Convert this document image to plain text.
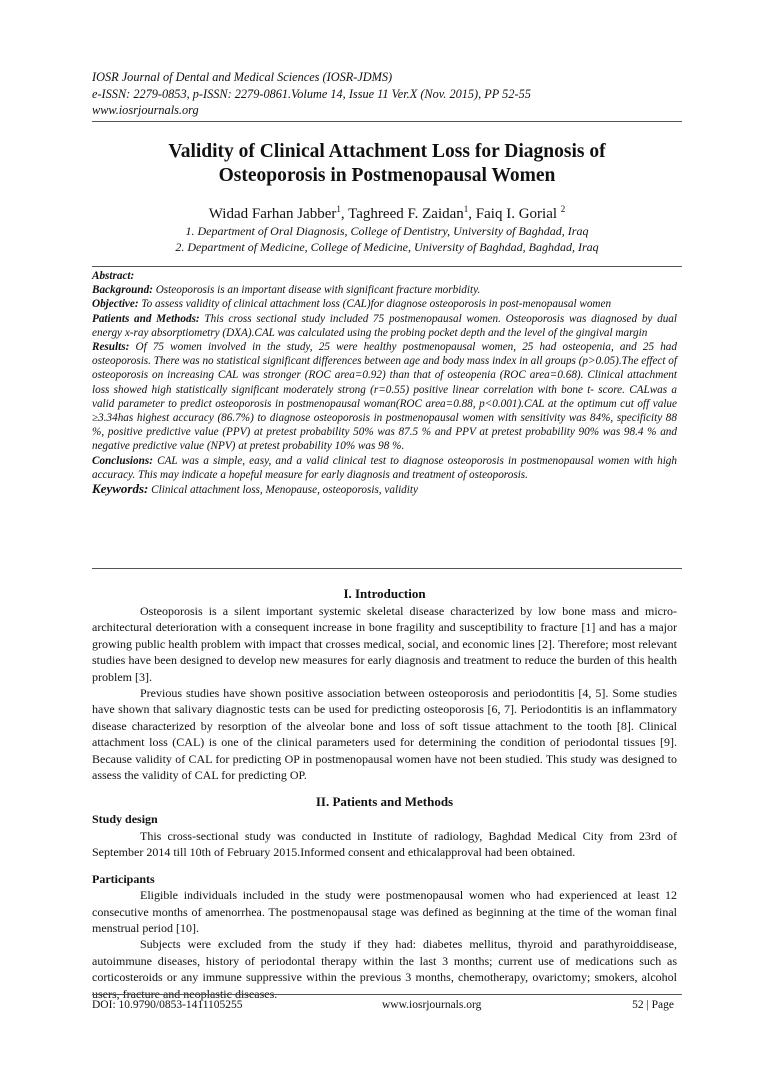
IOSR Journal of Dental and Medical Sciences (IOSR-JDMS)
e-ISSN: 2279-0853, p-ISSN: 2279-0861.Volume 14, Issue 11 Ver.X (Nov. 2015), PP 52-55
www.iosrjournals.org
Validity of Clinical Attachment Loss for Diagnosis of
Osteoporosis in Postmenopausal Women
Widad Farhan Jabber$^1$, Taghreed F. Zaidan$^1$, Faiq I. Gorial $^2$
1. Department of Oral Diagnosis, College of Dentistry, University of Baghdad, Iraq
2. Department of Medicine, College of Medicine, University of Baghdad, Baghdad, Iraq

Abstract:

Background: Osteoporosis is an important disease with significant fracture morbidity.

Objective: To assess validity of clinical attachment loss (CAL)for diagnose osteoporosis in post-menopausal women

Patients and Methods: This cross sectional study included 75 postmenopausal women. Osteoporosis was diagnosed by dual energy x-ray absorptiometry (DXA).CAL was calculated using the probing pocket depth and the level of the gingival margin

Results: Of 75 women involved in the study, 25 were healthy postmenopausal women, 25 had osteopenia, and 25 had osteoporosis. There was no statistical significant differences between age and body mass index in all groups (p>0.05).The effect of osteoporosis on increasing CAL was stronger (ROC area=0.92) than that of osteopenia (ROC area=0.68). Clinical attachment loss showed high statistically significant moderately strong (r=0.55) positive linear correlation with bone t- score. CALwas a valid parameter to predict osteoporosis in postmenopausal woman(ROC area=0.88, p<0.001).CAL at the optimum cut off value ≥3.34has highest accuracy (86.7%) to diagnose osteoporosis in postmenopausal women with sensitivity was 84%, specificity 88 %, positive predictive value (PPV) at pretest probability 50% was 87.5 % and PPV at pretest probability 90% was 98.4 % and negative predictive value (NPV) at pretest probability 10% was 98 %.

Conclusions: CAL was a simple, easy, and a valid clinical test to diagnose osteoporosis in postmenopausal women with high accuracy. This may indicate a hopeful measure for early diagnosis and treatment of osteoporosis.

Keywords: Clinical attachment loss, Menopause, osteoporosis, validity

I. Introduction

Osteoporosis is a silent important systemic skeletal disease characterized by low bone mass and micro-architectural deterioration with a consequent increase in bone fragility and susceptibility to fracture [1] and has a major growing public health problem with impact that crosses medical, social, and economic lines [2]. Therefore; most relevant studies have been designed to develop new measures for early diagnosis and treatment to reduce the burden of this health problem [3].

Previous studies have shown positive association between osteoporosis and periodontitis [4, 5]. Some studies have shown that salivary diagnostic tests can be used for predicting osteoporosis [6, 7]. Periodontitis is an inflammatory disease characterized by resorption of the alveolar bone and loss of soft tissue attachment to the tooth [8]. Clinical attachment loss (CAL) is one of the clinical parameters used for determining the condition of periodontal tissues [9]. Because validity of CAL for predicting OP in postmenopausal women have not been studied. This study was designed to assess the validity of CAL for predicting OP.

II. Patients and Methods

Study design

This cross-sectional study was conducted in Institute of radiology, Baghdad Medical City from 23rd of September 2014 till 10th of February 2015.Informed consent and ethicalapproval had been obtained.

Participants

Eligible individuals included in the study were postmenopausal women who had experienced at least 12 consecutive months of amenorrhea. The postmenopausal stage was defined as beginning at the time of the woman final menstrual period [10].

Subjects were excluded from the study if they had: diabetes mellitus, thyroid and parathyroiddisease, autoimmune diseases, history of periodontal therapy within the last 3 months; current use of medications such as corticosteroids or any immune suppressive within the previous 3 months, chemotherapy, ovarictomy; smokers, alcohol users, fracture and neoplastic diseases.

DOI: 10.9790/0853-1411105255	www.iosrjournals.org	52 | Page
